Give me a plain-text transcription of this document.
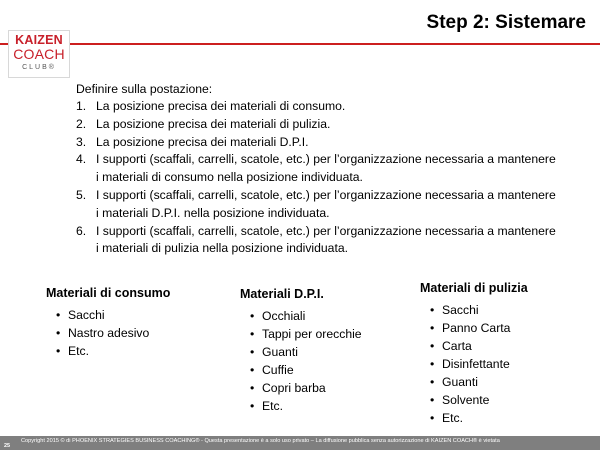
Step 2: Sistemare
KAIZEN
COACH
CLUB®
Definire sulla postazione:
1. La posizione precisa dei materiali di consumo.
2. La posizione precisa dei materiali di pulizia.
3. La posizione precisa dei materiali D.P.I.
4. I supporti (scaffali, carrelli, scatole, etc.) per l’organizzazione necessaria a mantenere i materiali di consumo nella posizione individuata.
5. I supporti (scaffali, carrelli, scatole, etc.) per l’organizzazione necessaria a mantenere i materiali D.P.I. nella posizione individuata.
6. I supporti (scaffali, carrelli, scatole, etc.) per l’organizzazione necessaria a mantenere i materiali di pulizia nella posizione individuata.
Materiali di consumo
• Sacchi
• Nastro adesivo
• Etc.
Materiali D.P.I.
• Occhiali
• Tappi per orecchie
• Guanti
• Cuffie
• Copri barba
• Etc.
Materiali di pulizia
• Sacchi
• Panno Carta
• Carta
• Disinfettante
• Guanti
• Solvente
• Etc.
Copyright 2015 © di PHOENIX STRATEGIES BUSINESS COACHING® - Questa presentazione è a solo uso privato – La diffusione pubblica senza autorizzazione di KAIZEN COACH® è vietata
25
